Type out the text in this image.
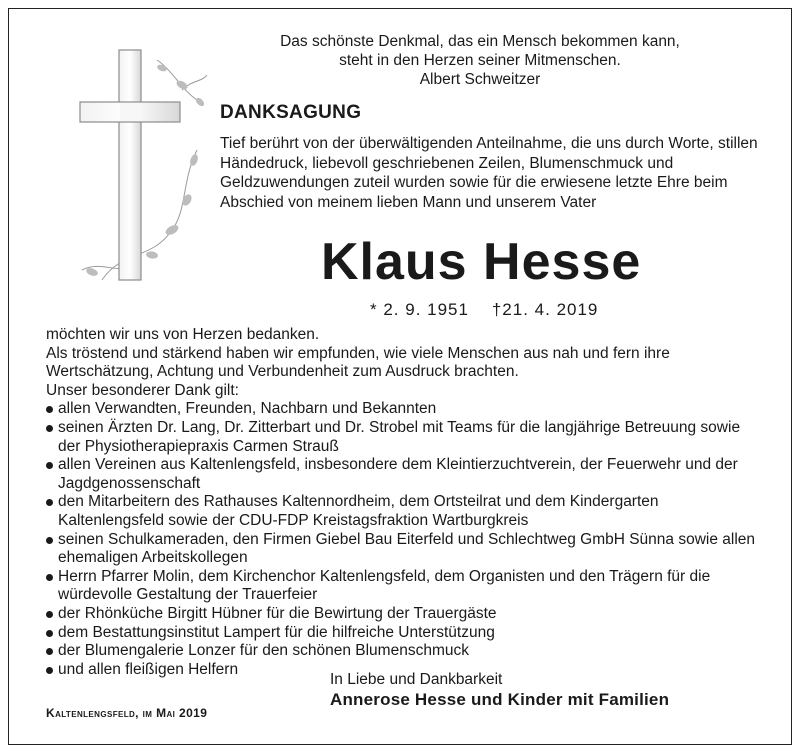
Das schönste Denkmal, das ein Mensch bekommen kann,
steht in den Herzen seiner Mitmenschen.
Albert Schweitzer
DANKSAGUNG
Tief berührt von der überwältigenden Anteilnahme, die uns durch Worte, stillen Händedruck, liebevoll geschriebenen Zeilen, Blumenschmuck und Geldzuwendungen zuteil wurden sowie für die erwiesene letzte Ehre beim Abschied von meinem lieben Mann und unserem Vater
Klaus Hesse
* 2. 9. 1951    †21. 4. 2019

möchten wir uns von Herzen bedanken.

Als tröstend und stärkend haben wir empfunden, wie viele Menschen aus nah und fern ihre Wertschätzung, Achtung und Verbundenheit zum Ausdruck brachten.

Unser besonderer Dank gilt:

allen Verwandten, Freunden, Nachbarn und Bekannten
seinen Ärzten Dr. Lang, Dr. Zitterbart und Dr. Strobel mit Teams für die langjährige Betreuung sowie der Physiotherapiepraxis Carmen Strauß
allen Vereinen aus Kaltenlengsfeld, insbesondere dem Kleintierzuchtverein, der Feuerwehr und der Jagdgenossenschaft
den Mitarbeitern des Rathauses Kaltennordheim, dem Ortsteilrat und dem Kindergarten Kaltenlengsfeld sowie der CDU-FDP Kreistagsfraktion Wartburgkreis
seinen Schulkameraden, den Firmen Giebel Bau Eiterfeld und Schlechtweg GmbH Sünna sowie allen ehemaligen Arbeitskollegen
Herrn Pfarrer Molin, dem Kirchenchor Kaltenlengsfeld, dem Organisten und den Trägern für die würdevolle Gestaltung der Trauerfeier
der Rhönküche Birgitt Hübner für die Bewirtung der Trauergäste
dem Bestattungsinstitut Lampert für die hilfreiche Unterstützung
der Blumengalerie Lonzer für den schönen Blumenschmuck
und allen fleißigen Helfern
In Liebe und Dankbarkeit
Annerose Hesse und Kinder mit Familien
Kaltenlengsfeld, im Mai 2019
